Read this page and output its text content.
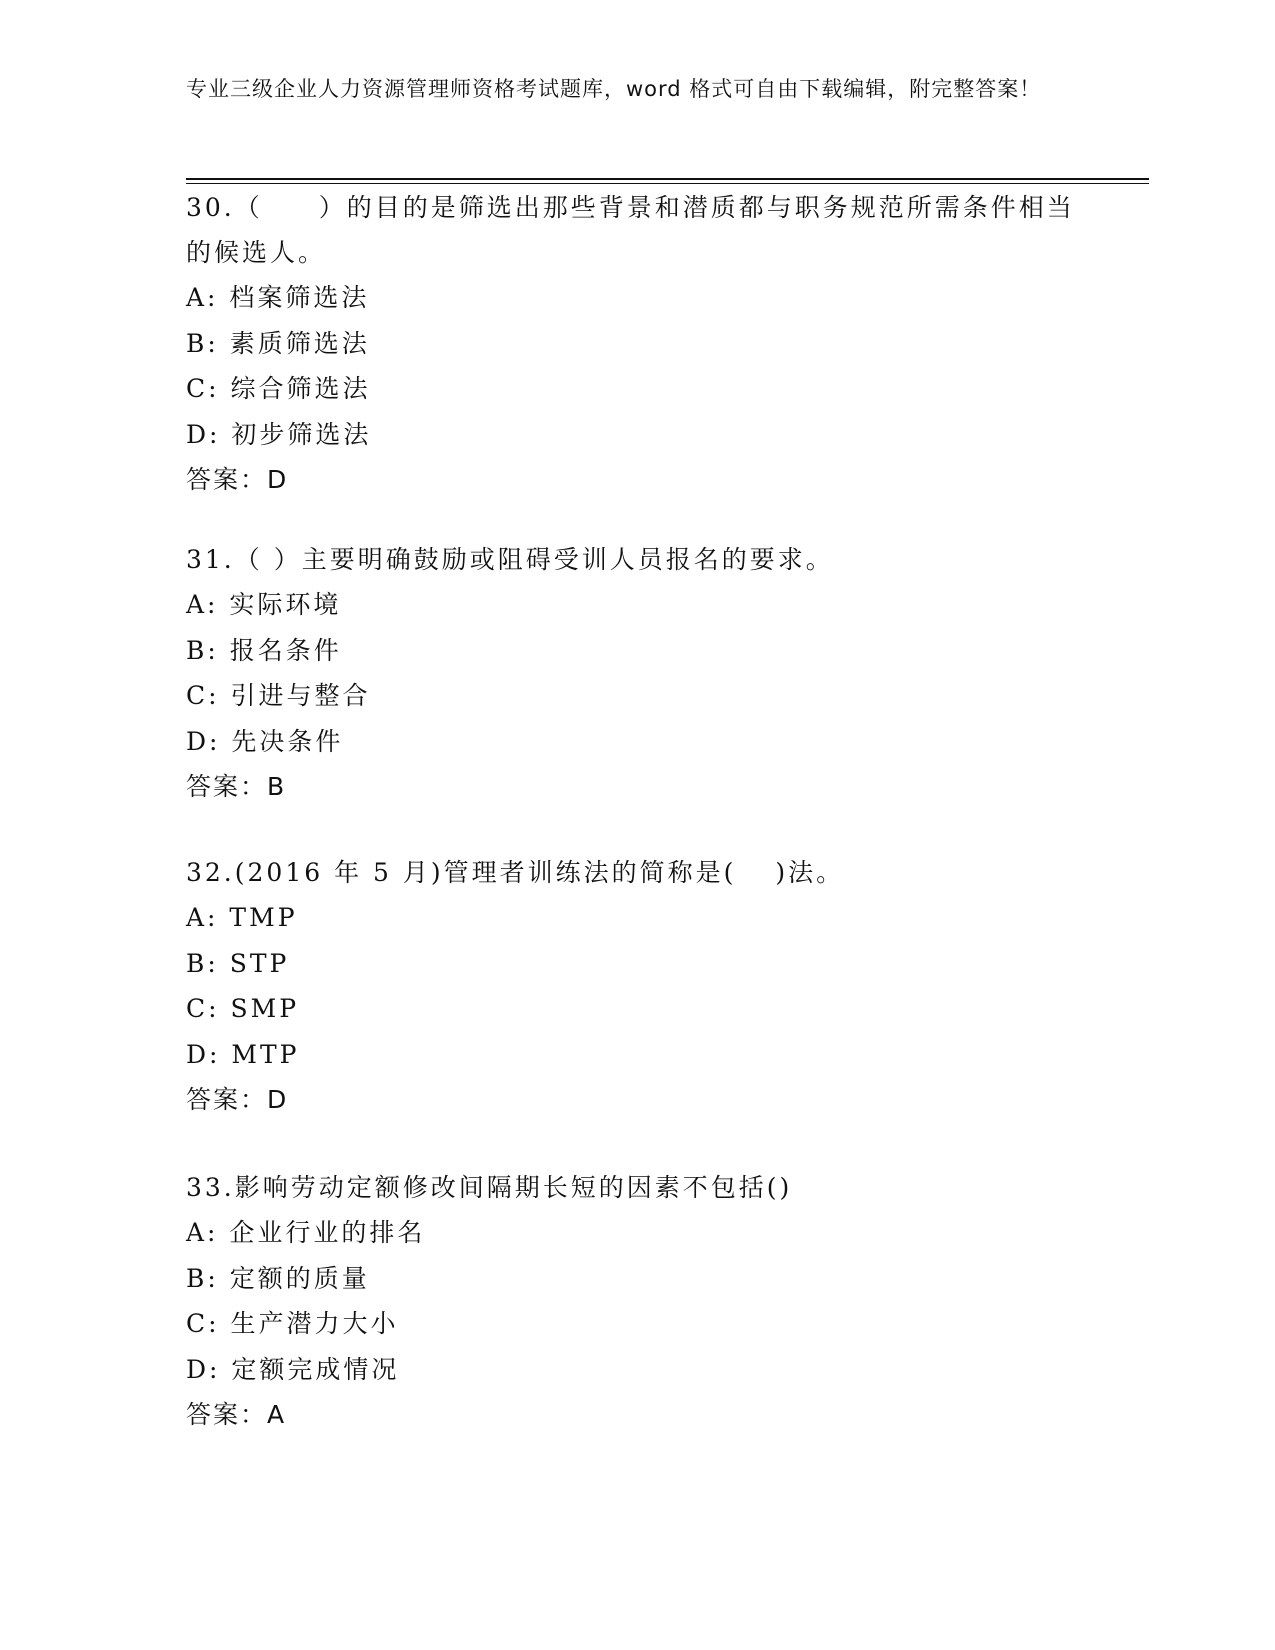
专业三级企业人力资源管理师资格考试题库，word 格式可自由下载编辑，附完整答案！

30.（　　）的目的是筛选出那些背景和潜质都与职务规范所需条件相当的候选人。

A: 档案筛选法

B: 素质筛选法

C: 综合筛选法

D: 初步筛选法

答案：D

31.（ ）主要明确鼓励或阻碍受训人员报名的要求。

A: 实际环境

B: 报名条件

C: 引进与整合

D: 先决条件

答案：B

32.(2016 年 5 月)管理者训练法的简称是(　 )法。

A: TMP

B: STP

C: SMP

D: MTP

答案：D

33.影响劳动定额修改间隔期长短的因素不包括()

A: 企业行业的排名

B: 定额的质量

C: 生产潜力大小

D: 定额完成情况

答案：A
